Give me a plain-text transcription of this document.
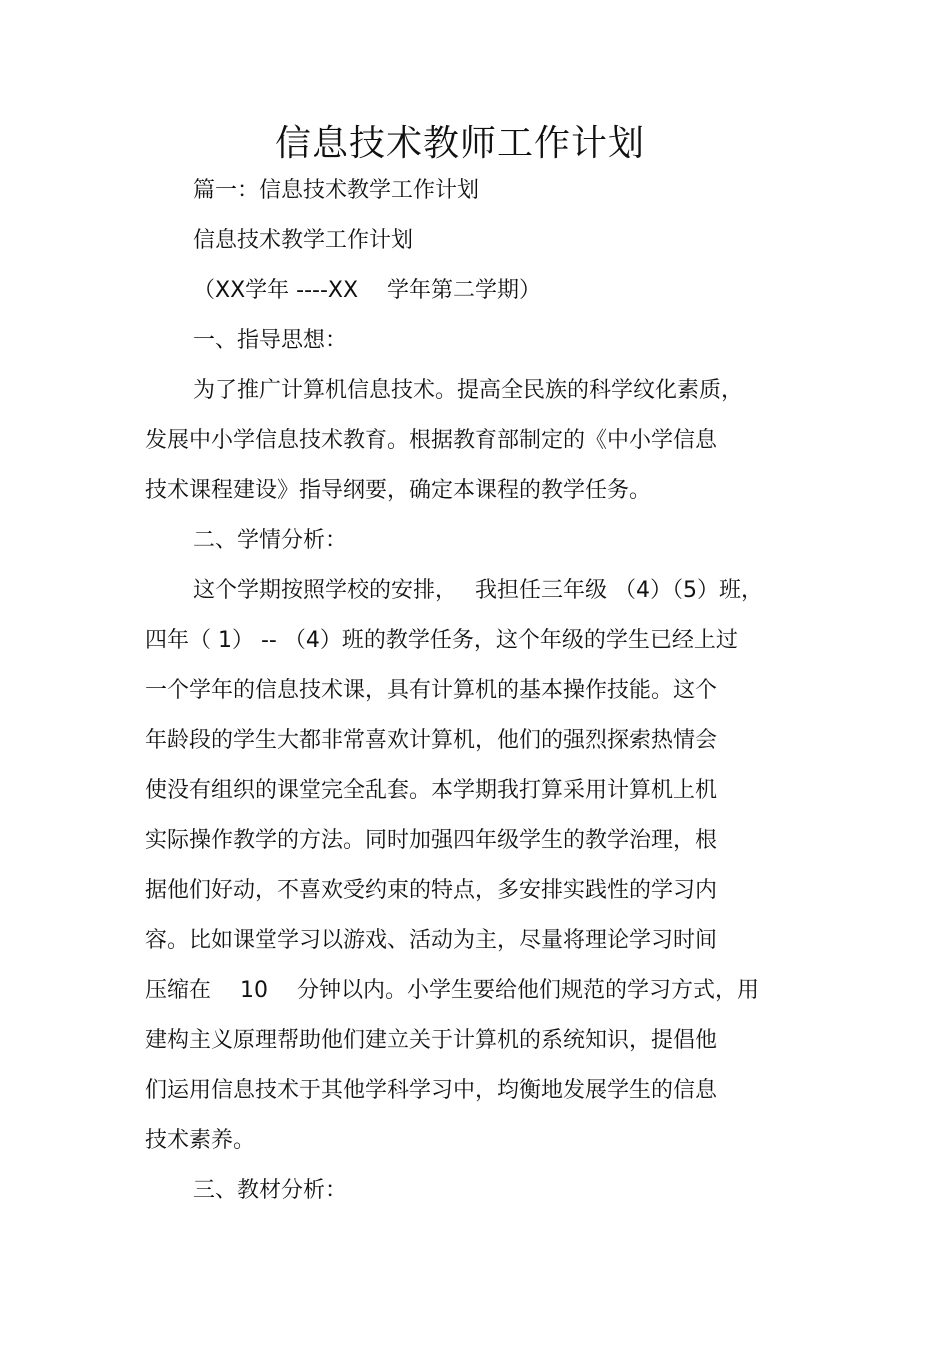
信息技术教师工作计划
篇一：信息技术教学工作计划
信息技术教学工作计划
（XX学年 ----XX 　学年第二学期）
一、指导思想：
为了推广计算机信息技术。提高全民族的科学纹化素质，
发展中小学信息技术教育。根据教育部制定的《中小学信息
技术课程建设》指导纲要，确定本课程的教学任务。
二、学情分析：
这个学期按照学校的安排，　 我担任三年级 （4）（5）班，
四年（ 1） -- （4）班的教学任务，这个年级的学生已经上过
一个学年的信息技术课，具有计算机的基本操作技能。这个
年龄段的学生大都非常喜欢计算机，他们的强烈探索热情会
使没有组织的课堂完全乱套。本学期我打算采用计算机上机
实际操作教学的方法。同时加强四年级学生的教学治理，根
据他们好动，不喜欢受约束的特点，多安排实践性的学习内
容。比如课堂学习以游戏、活动为主，尽量将理论学习时间
压缩在 　10 　分钟以内。小学生要给他们规范的学习方式，用
建构主义原理帮助他们建立关于计算机的系统知识，提倡他
们运用信息技术于其他学科学习中，均衡地发展学生的信息
技术素养。
三、教材分析：
